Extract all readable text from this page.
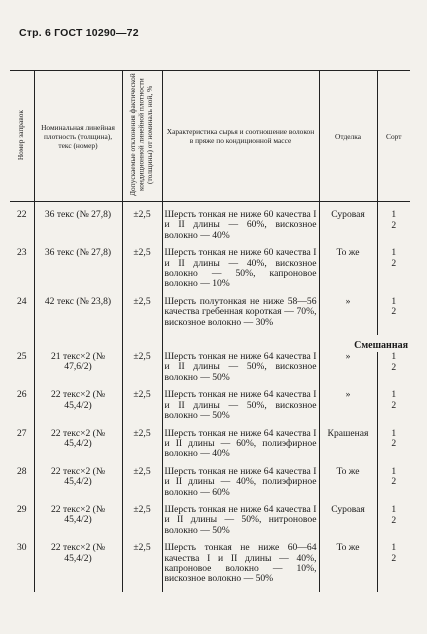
Стр. 6 ГОСТ 10290—72
Номер заправок	Номинальная линейная плотность (толщина), текс (номер)	Допускаемые отклонения фактической кондиционной линейной плотности (толщины) от номиналь ной, %	Характеристика сырья и соотношение волокон в пряже по кондиционной массе	Отделка	Сорт

22	36 текс (№ 27,8)	±2,5	Шерсть тонкая не ниже 60 качества I и II длины — 60%, вискозное волокно — 40%	Суровая	1
2

23	36 текс (№ 27,8)	±2,5	Шерсть тонкая не ниже 60 качества I и II длины — 40%, вискозное волокно — 50%, капроновое волокно — 10%	То же	1
2

24	42 текс (№ 23,8)	±2,5	Шерсть полутонкая не ниже 58—56 качества гребенная короткая — 70%, вискозное волокно — 30%	»	1
2

				Смешанная	

25	21 текс×2 (№ 47,6/2)	±2,5	Шерсть тонкая не ниже 64 качества I и II длины — 50%, вискозное волокно — 50%	»	1
2

26	22 текс×2 (№ 45,4/2)	±2,5	Шерсть тонкая не ниже 64 качества I и II длины — 50%, вискозное волокно — 50%	»	1
2

27	22 текс×2 (№ 45,4/2)	±2,5	Шерсть тонкая не ниже 64 качества I и II длины — 60%, полиэфирное волокно — 40%	Крашеная	1
2

28	22 текс×2 (№ 45,4/2)	±2,5	Шерсть тонкая не ниже 64 качества I и II длины — 40%, полиэфирное волокно — 60%	То же	1
2

29	22 текс×2 (№ 45,4/2)	±2,5	Шерсть тонкая не ниже 64 качества I и II длины — 50%, нитроновое волокно — 50%	Суровая	1
2

30	22 текс×2 (№ 45,4/2)	±2,5	Шерсть тонкая не ниже 60—64 качества I и II длины — 40%, капроновое волокно — 10%, вискозное волокно — 50%	То же	1
2
